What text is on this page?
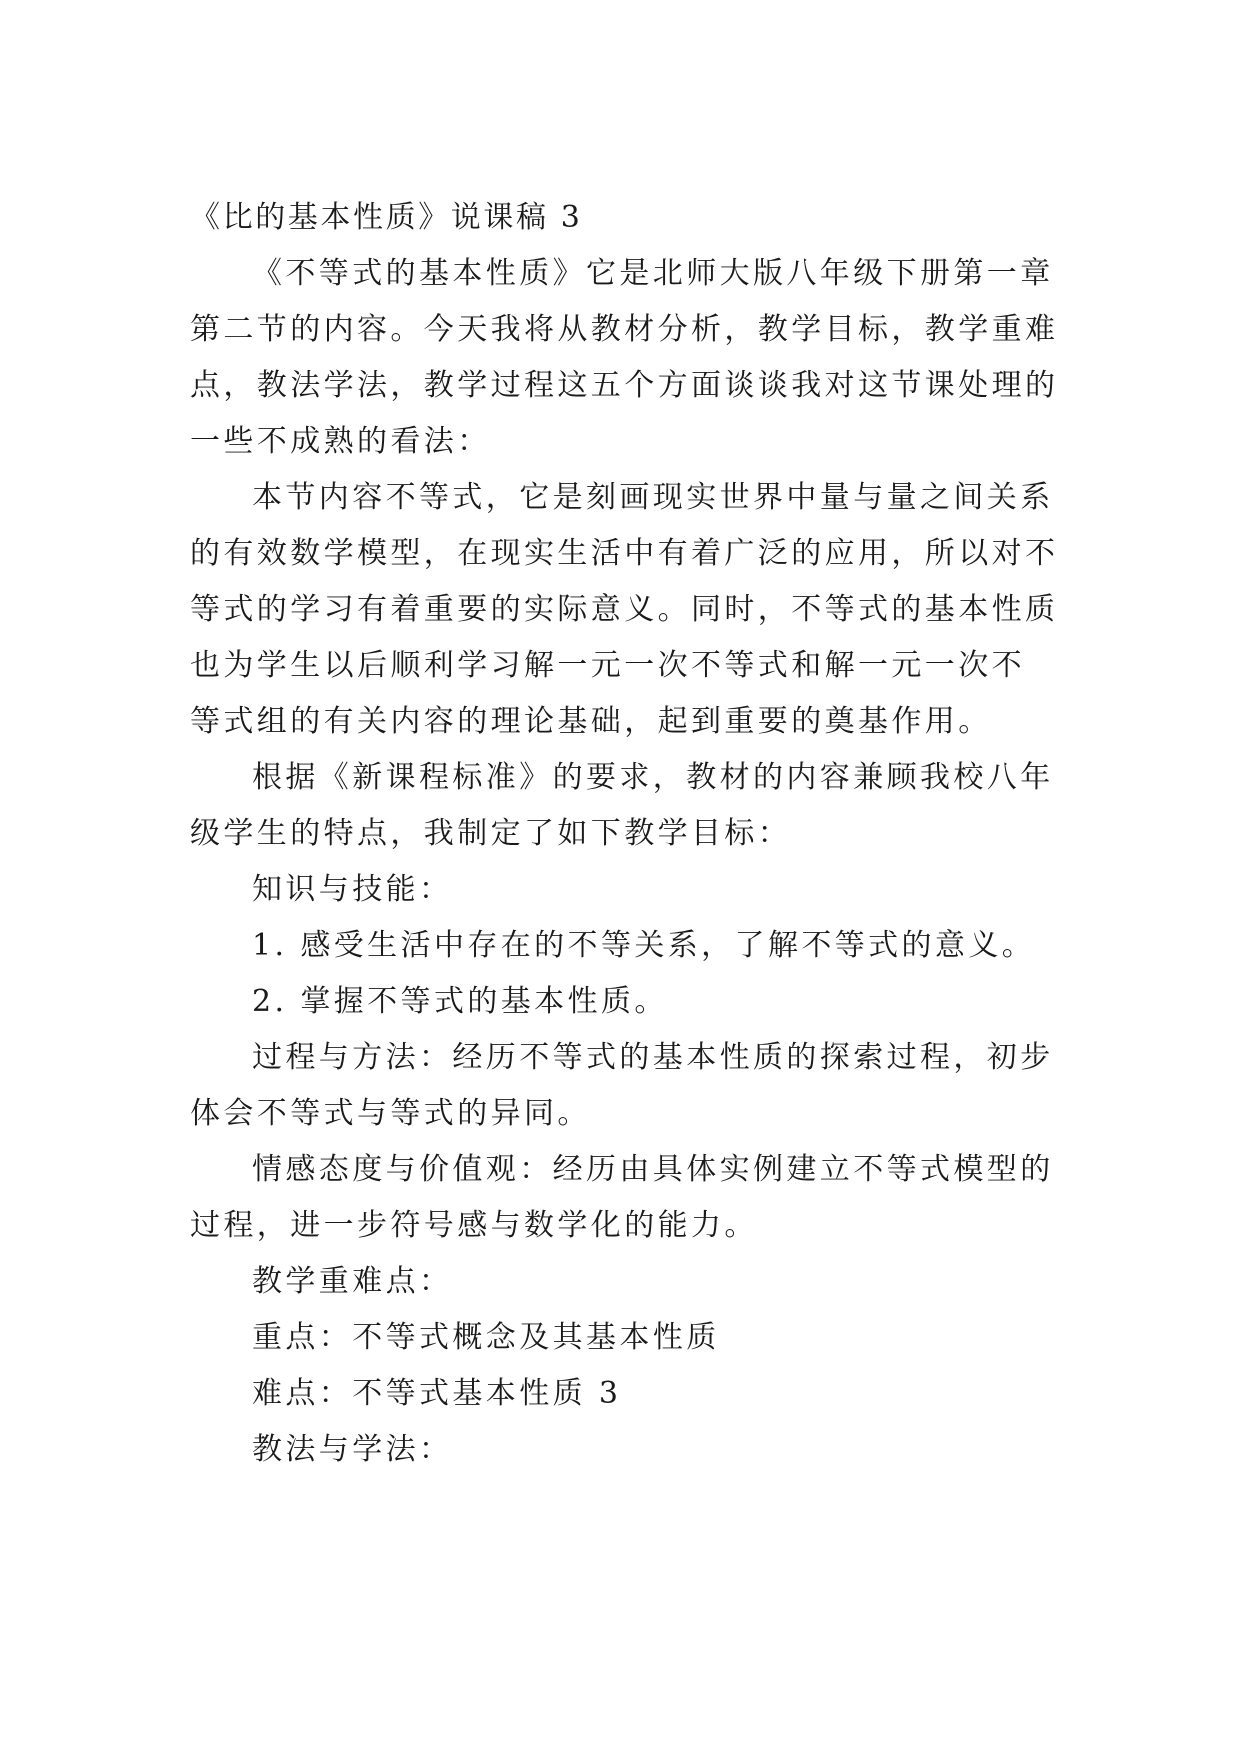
《比的基本性质》说课稿 3
《不等式的基本性质》它是北师大版八年级下册第一章
第二节的内容。今天我将从教材分析，教学目标，教学重难
点，教法学法，教学过程这五个方面谈谈我对这节课处理的
一些不成熟的看法：
本节内容不等式，它是刻画现实世界中量与量之间关系
的有效数学模型，在现实生活中有着广泛的应用，所以对不
等式的学习有着重要的实际意义。同时，不等式的基本性质
也为学生以后顺利学习解一元一次不等式和解一元一次不
等式组的有关内容的理论基础，起到重要的奠基作用。
根据《新课程标准》的要求，教材的内容兼顾我校八年
级学生的特点，我制定了如下教学目标：
知识与技能：
1. 感受生活中存在的不等关系，了解不等式的意义。
2. 掌握不等式的基本性质。
过程与方法：经历不等式的基本性质的探索过程，初步
体会不等式与等式的异同。
情感态度与价值观：经历由具体实例建立不等式模型的
过程，进一步符号感与数学化的能力。
教学重难点：
重点：不等式概念及其基本性质
难点：不等式基本性质 3
教法与学法：
